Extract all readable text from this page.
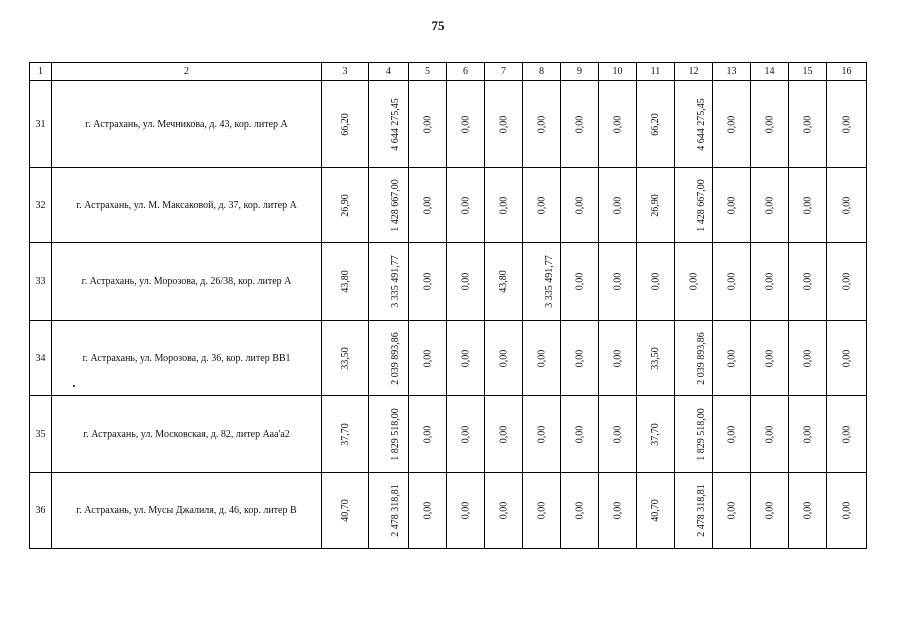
75
1	2	3	4	5	6	7	8	9	10	11	12	13	14	15	16
31	г. Астрахань, ул. Мечникова, д. 43, кор. литер А	66,20	4 644 275,45	0,00	0,00	0,00	0,00	0,00	0,00	66,20	4 644 275,45	0,00	0,00	0,00	0,00
32	г. Астрахань, ул. М. Максаковой, д. 37, кор. литер А	26,90	1 428 667,00	0,00	0,00	0,00	0,00	0,00	0,00	26,90	1 428 667,00	0,00	0,00	0,00	0,00
33	г. Астрахань, ул. Морозова, д. 26/38, кор. литер А	43,80	3 335 491,77	0,00	0,00	43,80	3 335 491,77	0,00	0,00	0,00	0,00	0,00	0,00	0,00	0,00
34	г. Астрахань, ул. Морозова, д. 36, кор. литер ВВ1	33,50	2 039 893,86	0,00	0,00	0,00	0,00	0,00	0,00	33,50	2 039 893,86	0,00	0,00	0,00	0,00
35	г. Астрахань, ул. Московская, д. 82, литер Ааа'а2	37,70	1 829 518,00	0,00	0,00	0,00	0,00	0,00	0,00	37,70	1 829 518,00	0,00	0,00	0,00	0,00
36	г. Астрахань, ул. Мусы Джалиля, д. 46, кор. литер В	40,70	2 478 318,81	0,00	0,00	0,00	0,00	0,00	0,00	40,70	2 478 318,81	0,00	0,00	0,00	0,00
